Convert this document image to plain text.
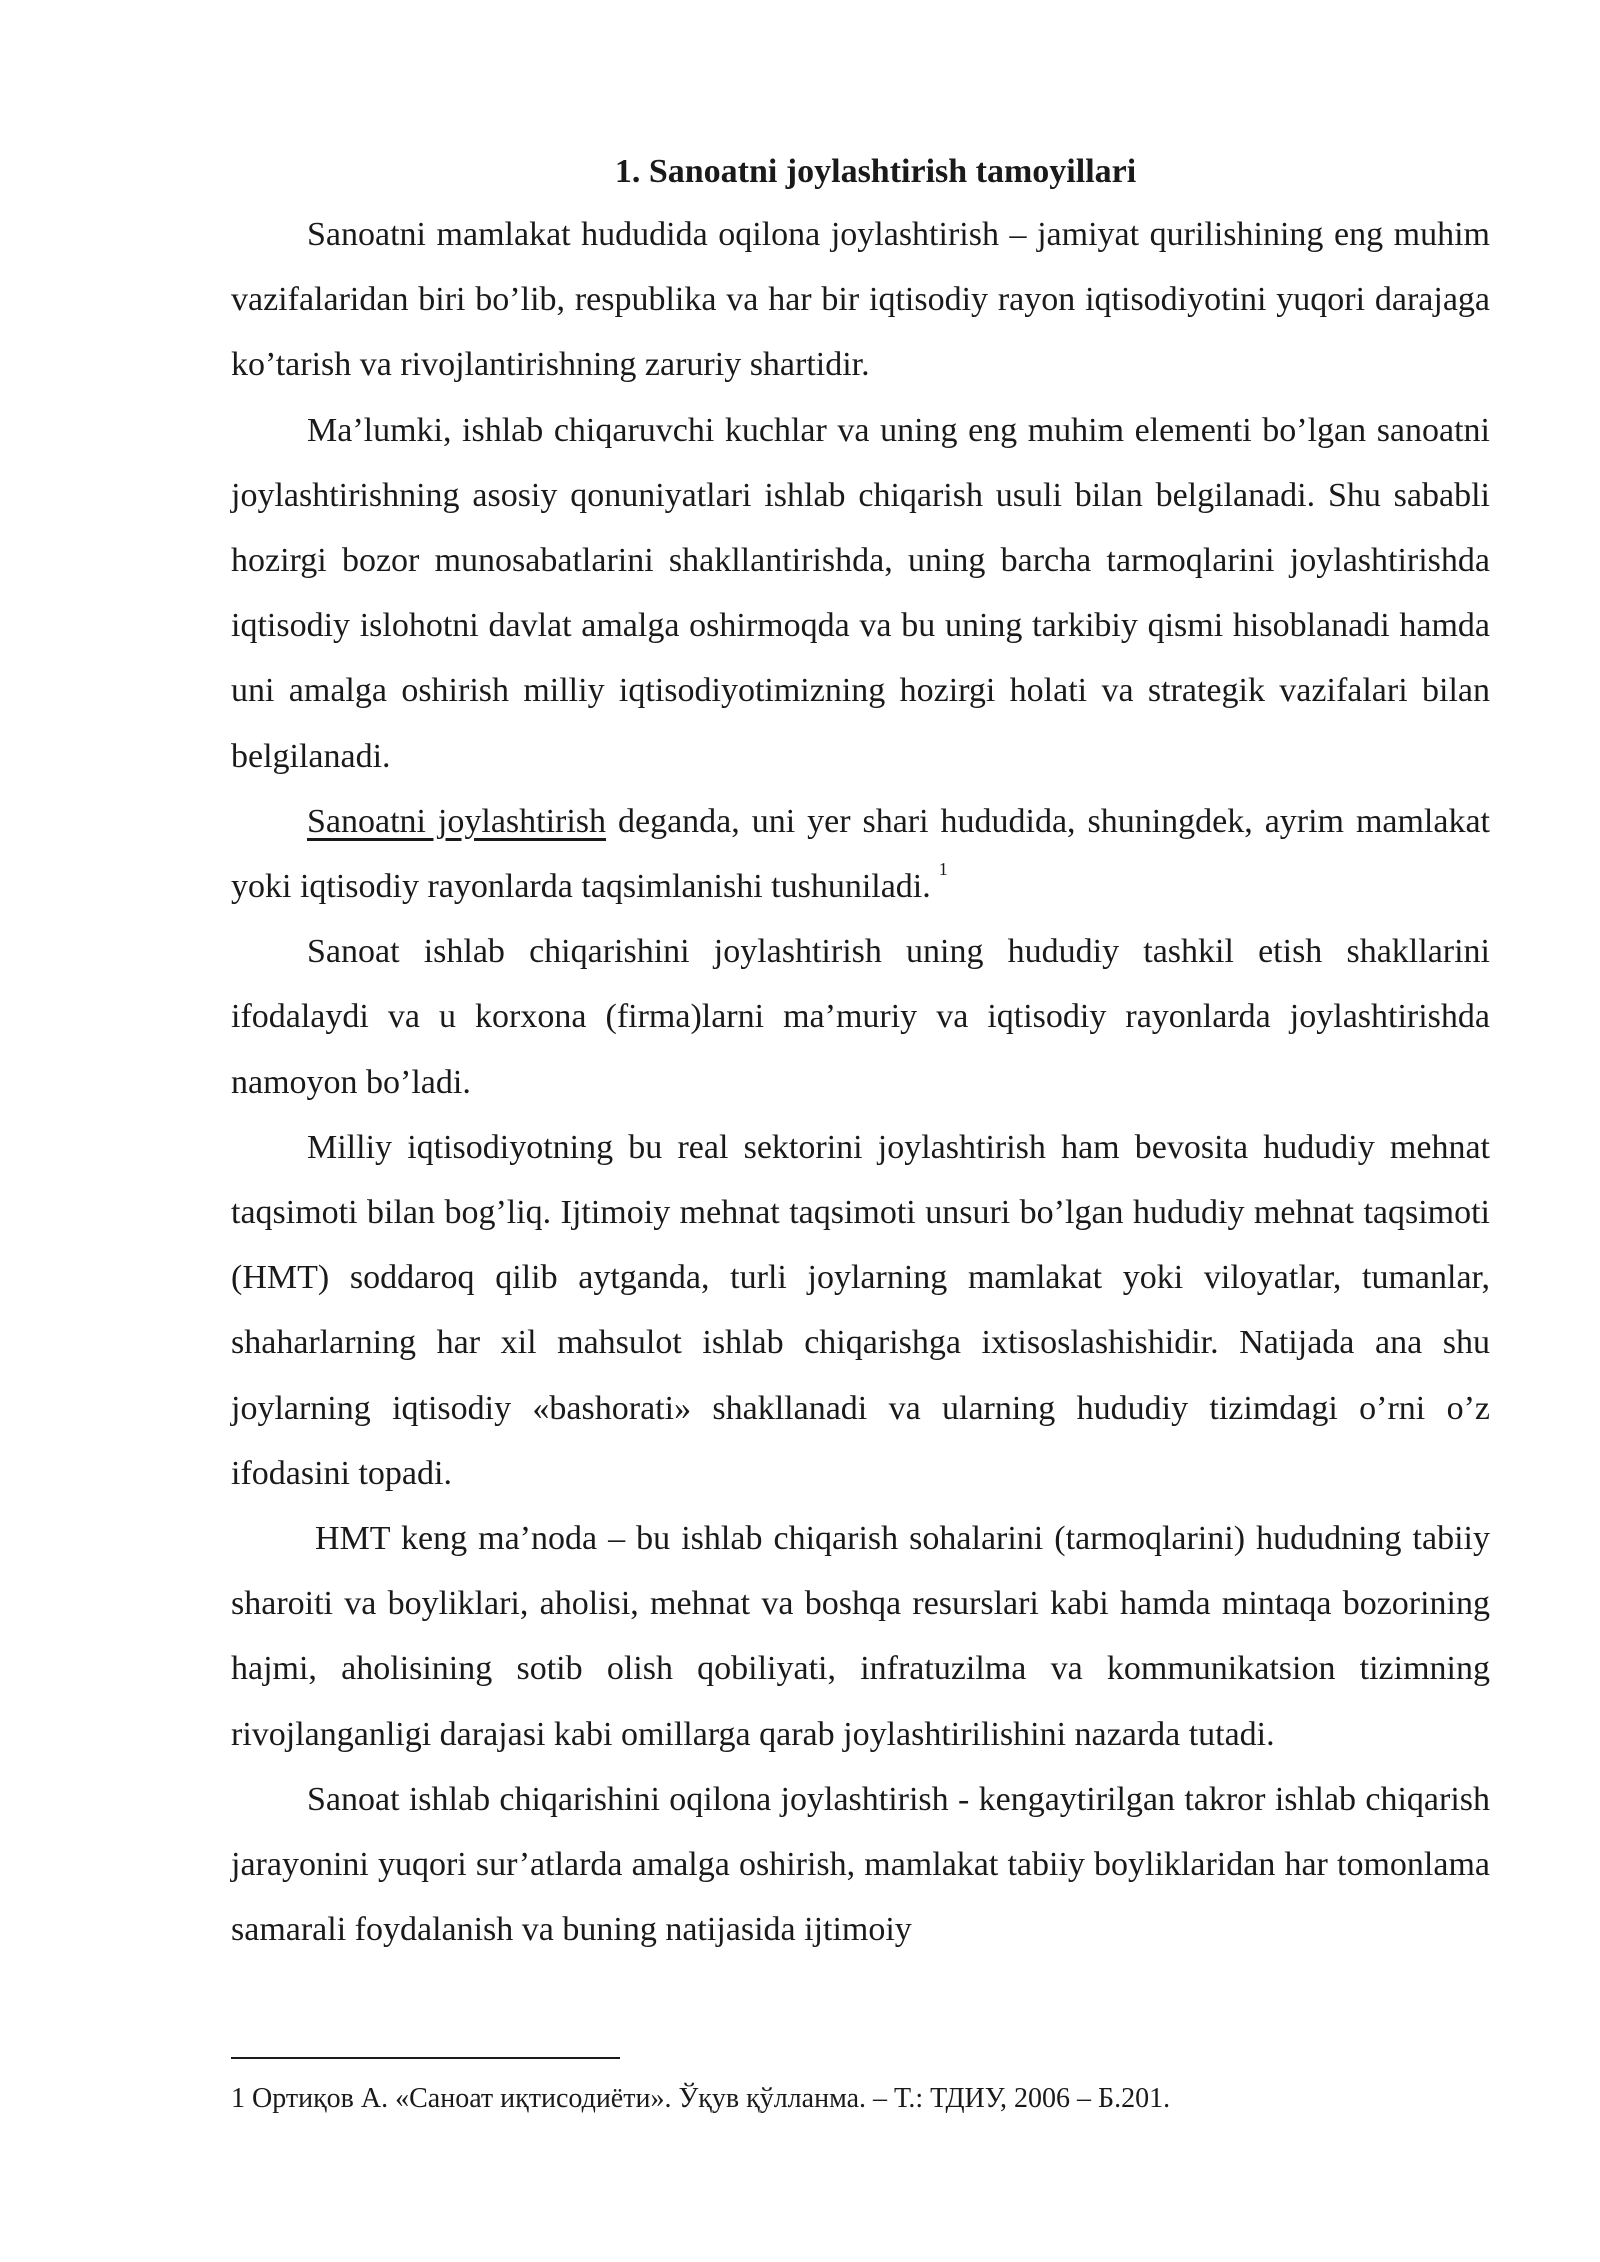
1. Sanoatni joylashtirish tamoyillari

Sanoatni mamlakat hududida oqilona joylashtirish – jamiyat qurilishining eng muhim vazifalaridan biri bo’lib, respublika va har bir iqtisodiy rayon iqtisodiyotini yuqori darajaga ko’tarish va rivojlantirishning zaruriy shartidir.

Ma’lumki, ishlab chiqaruvchi kuchlar va uning eng muhim elementi bo’lgan sanoatni joylashtirishning asosiy qonuniyatlari ishlab chiqarish usuli bilan belgilanadi. Shu sababli hozirgi bozor munosabatlarini shakllantirishda, uning barcha tarmoqlarini joylashtirishda iqtisodiy islohotni davlat amalga oshirmoqda va bu uning tarkibiy qismi hisoblanadi hamda uni amalga oshirish milliy iqtisodiyotimizning hozirgi holati va strategik vazifalari bilan belgilanadi.

Sanoatni joylashtirish deganda, uni yer shari hududida, shuningdek, ayrim mamlakat yoki iqtisodiy rayonlarda taqsimlanishi tushuniladi. $^1$

Sanoat ishlab chiqarishini joylashtirish uning hududiy tashkil etish shakllarini ifodalaydi va u korxona (firma)larni ma’muriy va iqtisodiy rayonlarda joylashtirishda namoyon bo’ladi.

Milliy iqtisodiyotning bu real sektorini joylashtirish ham bevosita hududiy mehnat taqsimoti bilan bog’liq. Ijtimoiy mehnat taqsimoti unsuri bo’lgan hududiy mehnat taqsimoti (HMT) soddaroq qilib aytganda, turli joylarning mamlakat yoki viloyatlar, tumanlar, shaharlarning har xil mahsulot ishlab chiqarishga ixtisoslashishidir. Natijada ana shu joylarning iqtisodiy «bashorati» shakllanadi va ularning hududiy tizimdagi o’rni o’z ifodasini topadi.

HMT keng ma’noda – bu ishlab chiqarish sohalarini (tarmoqlarini) hududning tabiiy sharoiti va boyliklari, aholisi, mehnat va boshqa resurslari kabi hamda mintaqa bozorining hajmi, aholisining sotib olish qobiliyati, infratuzilma va kommunikatsion tizimning rivojlanganligi darajasi kabi omillarga qarab joylashtirilishini nazarda tutadi.

Sanoat ishlab chiqarishini oqilona joylashtirish - kengaytirilgan takror ishlab chiqarish jarayonini yuqori sur’atlarda amalga oshirish, mamlakat tabiiy boyliklaridan har tomonlama samarali foydalanish va buning natijasida ijtimoiy

1 Ортиқов А. «Саноат иқтисодиёти». Ўқув қўлланма. – Т.: ТДИУ, 2006 – Б.201.
